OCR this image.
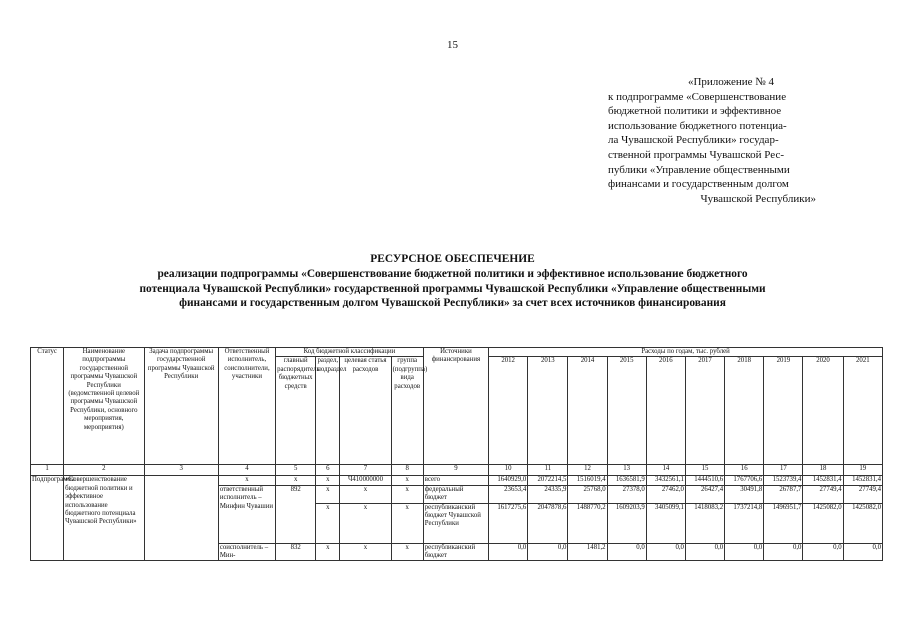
15
«Приложение № 4
к подпрограмме «Совершенствование
бюджетной политики и эффективное
использование бюджетного потенциа-
ла Чувашской Республики» государ-
ственной программы Чувашской Рес-
публики «Управление общественными
финансами и государственным долгом
Чувашской Республики»
РЕСУРСНОЕ ОБЕСПЕЧЕНИЕ
реализации подпрограммы «Совершенствование бюджетной политики и эффективное использование бюджетного
потенциала Чувашской Республики» государственной программы Чувашской Республики «Управление общественными
финансами и государственным долгом Чувашской Республики» за счет всех источников финансирования
Статус	Наименование подпрограммы государственной программы Чувашской Республики (ведомственной целевой программы Чувашской Республики, основного мероприятия, мероприятия)	Задача подпрограммы государственной программы Чувашской Республики	Ответственный исполнитель, соисполнители, участники	Код бюджетной классификации				Источники финансирования	Расходы по годам, тыс. рублей									
				главный распорядитель бюджетных средств	раздел, подраздел	целевая статья расходов	группа (подгруппа) вида расходов		2012	2013	2014	2015	2016	2017	2018	2019	2020	2021
1	2	3	4	5	6	7	8	9	10	11	12	13	14	15	16	17	18	19
Подпрограмма	«Совершенствование бюджетной политики и эффективное использование бюджетного потенциала Чувашской Республики»		х	х	х	Ч410000000	х	всего	1640929,0	2072214,5	1516019,4	1636581,9	3432561,1	1444510,6	1767706,6	1523739,4	1452831,4	1452831,4
			ответственный исполнитель – Минфин Чувашии	892	х	х	х	федеральный бюджет	23653,4	24335,9	25768,0	27378,0	27462,0	26427,4	30491,8	26787,7	27749,4	27749,4
					х	х	х	республиканский бюджет Чувашской Республики	1617275,6	2047878,6	1488770,2	1609203,9	3405099,1	1418083,2	1737214,8	1496951,7	1425082,0	1425082,0
			соисполнитель – Мин-	832	х	х	х	республиканский бюджет	0,0	0,0	1481,2	0,0	0,0	0,0	0,0	0,0	0,0	0,0
